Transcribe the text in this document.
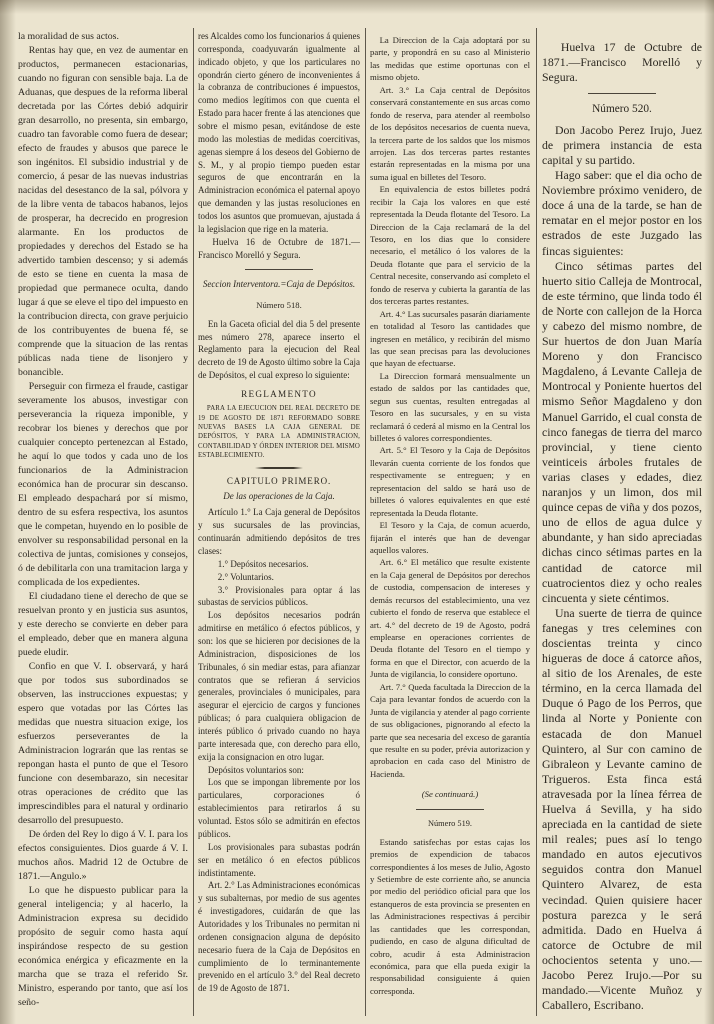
la moralidad de sus actos.

Rentas hay que, en vez de aumentar en productos, permanecen estacionarias, cuando no figuran con sensible baja. La de Aduanas, que despues de la reforma liberal decretada por las Córtes debió adquirir gran desarrollo, no presenta, sin embargo, cuadro tan favorable como fuera de desear; efecto de fraudes y abusos que parece le son ingénitos. El subsidio industrial y de comercio, á pesar de las nuevas industrias nacidas del desestanco de la sal, pólvora y de la libre venta de tabacos habanos, lejos de prosperar, ha decrecido en progresion alarmante. En los productos de propiedades y derechos del Estado se ha advertido tambien descenso; y si además de esto se tiene en cuenta la masa de propiedad que permanece oculta, dando lugar á que se eleve el tipo del impuesto en la contribucion directa, con grave perjuicio de los contribuyentes de buena fé, se comprende que la situacion de las rentas públicas nada tiene de lisonjero y bonancible.

Perseguir con firmeza el fraude, castigar severamente los abusos, investigar con perseverancia la riqueza imponible, y recobrar los bienes y derechos que por cualquier concepto pertenezcan al Estado, he aquí lo que todos y cada uno de los funcionarios de la Administracion económica han de procurar sin descanso. El empleado despachará por sí mismo, dentro de su esfera respectiva, los asuntos que le competan, huyendo en lo posible de envolver su responsabilidad personal en la colectiva de juntas, comisiones y consejos, ó de debilitarla con una tramitacion larga y complicada de los expedientes.

El ciudadano tiene el derecho de que se resuelvan pronto y en justicia sus asuntos, y este derecho se convierte en deber para el empleado, deber que en manera alguna puede eludir.

Confio en que V. I. observará, y hará que por todos sus subordinados se observen, las instrucciones expuestas; y espero que votadas por las Córtes las medidas que nuestra situacion exige, los esfuerzos perseverantes de la Administracion lograrán que las rentas se repongan hasta el punto de que el Tesoro funcione con desembarazo, sin necesitar otras operaciones de crédito que las imprescindibles para el natural y ordinario desarrollo del presupuesto.

De órden del Rey lo digo á V. I. para los efectos consiguientes. Dios guarde á V. I. muchos años. Madrid 12 de Octubre de 1871.—Angulo.»

Lo que he dispuesto publicar para la general inteligencia; y al hacerlo, la Administracion expresa su decidido propósito de seguir como hasta aquí inspirándose respecto de su gestion económica enérgica y eficazmente en la marcha que se traza el referido Sr. Ministro, esperando por tanto, que así los seño-

res Alcaldes como los funcionarios á quienes corresponda, coadyuvarán igualmente al indicado objeto, y que los particulares no opondrán cierto género de inconvenientes á la cobranza de contribuciones é impuestos, como medios legítimos con que cuenta el Estado para hacer frente á las atenciones que sobre el mismo pesan, evitándose de este modo las molestias de medidas coercitivas, agenas siempre á los deseos del Gobierno de S. M., y al propio tiempo pueden estar seguros de que encontrarán en la Administracion económica el paternal apoyo que demanden y las justas resoluciones en todos los asuntos que promuevan, ajustada á la legislacion que rige en la materia.

Huelva 16 de Octubre de 1871.—Francisco Morelló y Segura.

Seccion Interventora.=Caja de Depósitos.

Número 518.

En la Gaceta oficial del dia 5 del presente mes número 278, aparece inserto el Reglamento para la ejecucion del Real decreto de 19 de Agosto último sobre la Caja de Depósitos, el cual expreso lo siguiente:

REGLAMENTO

PARA LA EJECUCION DEL REAL DECRETO DE 19 DE AGOSTO DE 1871 REFORMADO SOBRE NUEVAS BASES LA CAJA GENERAL DE DEPÓSITOS, Y PARA LA ADMINISTRACION, CONTABILIDAD Y ÓRDEN INTERIOR DEL MISMO ESTABLECIMIENTO.

CAPITULO PRIMERO.

De las operaciones de la Caja.

Artículo 1.° La Caja general de Depósitos y sus sucursales de las provincias, continuarán admitiendo depósitos de tres clases:

1.° Depósitos necesarios.

2.° Voluntarios.

3.° Provisionales para optar á las subastas de servicios públicos.

Los depósitos necesarios podrán admitirse en metálico ó efectos públicos, y son: los que se hicieren por decisiones de la Administracion, disposiciones de los Tribunales, ó sin mediar estas, para afianzar contratos que se refieran á servicios generales, provinciales ó municipales, para asegurar el ejercicio de cargos y funciones públicas; ó para cualquiera obligacion de interés público ó privado cuando no haya parte interesada que, con derecho para ello, exija la consignacion en otro lugar.

Depósitos voluntarios son:

Los que se impongan libremente por los particulares, corporaciones ó establecimientos para retirarlos á su voluntad. Estos sólo se admitirán en efectos públicos.

Los provisionales para subastas podrán ser en metálico ó en efectos públicos indistintamente.

Art. 2.° Las Administraciones económicas y sus subalternas, por medio de sus agentes é investigadores, cuidarán de que las Autoridades y los Tribunales no permitan ni ordenen consignacion alguna de depósito necesario fuera de la Caja de Depósitos en cumplimiento de lo terminantemente prevenido en el artículo 3.° del Real decreto de 19 de Agosto de 1871.

La Direccion de la Caja adoptará por su parte, y propondrá en su caso al Ministerio las medidas que estime oportunas con el mismo objeto.

Art. 3.° La Caja central de Depósitos conservará constantemente en sus arcas como fondo de reserva, para atender al reembolso de los depósitos necesarios de cuenta nueva, la tercera parte de los saldos que los mismos arrojen. Las dos terceras partes restantes estarán representadas en la misma por una suma igual en billetes del Tesoro.

En equivalencia de estos billetes podrá recibir la Caja los valores en que esté representada la Deuda flotante del Tesoro. La Direccion de la Caja reclamará de la del Tesoro, en los dias que lo considere necesario, el metálico ó los valores de la Deuda flotante que para el servicio de la Central necesite, conservando así completo el fondo de reserva y cubierta la garantía de las dos terceras partes restantes.

Art. 4.° Las sucursales pasarán diariamente en totalidad al Tesoro las cantidades que ingresen en metálico, y recibirán del mismo las que sean precisas para las devoluciones que hayan de efectuarse.

La Direccion formará mensualmente un estado de saldos por las cantidades que, segun sus cuentas, resulten entregadas al Tesoro en las sucursales, y en su vista reclamará ó cederá al mismo en la Central los billetes ó valores correspondientes.

Art. 5.° El Tesoro y la Caja de Depósitos llevarán cuenta corriente de los fondos que respectivamente se entreguen; y en representacion del saldo se hará uso de billetes ó valores equivalentes en que esté representada la Deuda flotante.

El Tesoro y la Caja, de comun acuerdo, fijarán el interés que han de devengar aquellos valores.

Art. 6.° El metálico que resulte existente en la Caja general de Depósitos por derechos de custodia, compensacion de intereses y demás recursos del establecimiento, una vez cubierto el fondo de reserva que establece el art. 4.° del decreto de 19 de Agosto, podrá emplearse en operaciones corrientes de Deuda flotante del Tesoro en el tiempo y forma en que el Director, con acuerdo de la Junta de vigilancia, lo considere oportuno.

Art. 7.° Queda facultada la Direccion de la Caja para levantar fondos de acuerdo con la Junta de vigilancia y atender al pago corriente de sus obligaciones, pignorando al efecto la parte que sea necesaria del exceso de garantía que resulte en su poder, prévia autorizacion y aprobacion en cada caso del Ministro de Hacienda.

(Se continuará.)

Número 519.

Estando satisfechas por estas cajas los premios de expendicion de tabacos correspondientes á los meses de Julio, Agosto y Setiembre de este corriente año, se anuncia por medio del periódico oficial para que los estanqueros de esta provincia se presenten en las Administraciones respectivas á percibir las cantidades que les correspondan, pudiendo, en caso de alguna dificultad de cobro, acudir á esta Administracion económica, para que ella pueda exigir la responsabilidad consiguiente á quien corresponda.

Huelva 17 de Octubre de 1871.—Francisco Morelló y Segura.

Número 520.

Don Jacobo Perez Irujo, Juez de primera instancia de esta capital y su partido.

Hago saber: que el dia ocho de Noviembre próximo venidero, de doce á una de la tarde, se han de rematar en el mejor postor en los estrados de este Juzgado las fincas siguientes:

Cinco sétimas partes del huerto sitio Calleja de Montrocal, de este término, que linda todo él de Norte con callejon de la Horca y cabezo del mismo nombre, de Sur huertos de don Juan María Moreno y don Francisco Magdaleno, á Levante Calleja de Montrocal y Poniente huertos del mismo Señor Magdaleno y don Manuel Garrido, el cual consta de cinco fanegas de tierra del marco provincial, y tiene ciento veinticeis árboles frutales de varias clases y edades, diez naranjos y un limon, dos mil quince cepas de viña y dos pozos, uno de ellos de agua dulce y abundante, y han sido apreciadas dichas cinco sétimas partes en la cantidad de catorce mil cuatrocientos diez y ocho reales cincuenta y siete céntimos.

Una suerte de tierra de quince fanegas y tres celemines con doscientas treinta y cinco higueras de doce á catorce años, al sitio de los Arenales, de este término, en la cerca llamada del Duque ó Pago de los Perros, que linda al Norte y Poniente con estacada de don Manuel Quintero, al Sur con camino de Gibraleon y Levante camino de Trigueros. Esta finca está atravesada por la línea férrea de Huelva á Sevilla, y ha sido apreciada en la cantidad de siete mil reales; pues así lo tengo mandado en autos ejecutivos seguidos contra don Manuel Quintero Alvarez, de esta vecindad. Quien quisiere hacer postura parezca y le será admitida. Dado en Huelva á catorce de Octubre de mil ochocientos setenta y uno.—Jacobo Perez Irujo.—Por su mandado.—Vicente Muñoz y Caballero, Escribano.
